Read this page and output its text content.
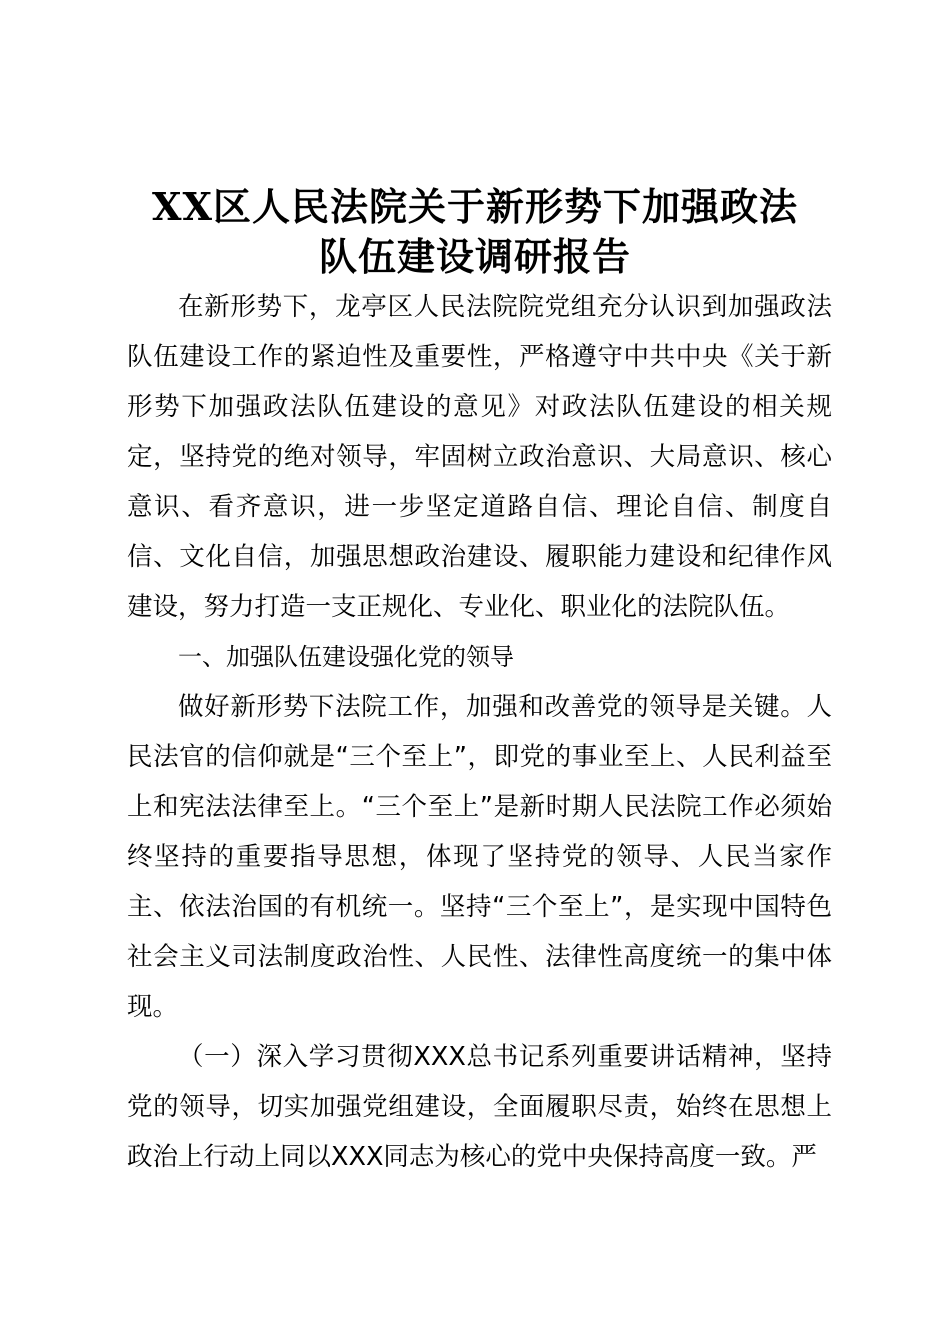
XX区人民法院关于新形势下加强政法
队伍建设调研报告

在新形势下，龙亭区人民法院院党组充分认识到加强政法队伍建设工作的紧迫性及重要性，严格遵守中共中央《关于新形势下加强政法队伍建设的意见》对政法队伍建设的相关规定，坚持党的绝对领导，牢固树立政治意识、大局意识、核心意识、看齐意识，进一步坚定道路自信、理论自信、制度自信、文化自信，加强思想政治建设、履职能力建设和纪律作风建设，努力打造一支正规化、专业化、职业化的法院队伍。

一、加强队伍建设强化党的领导

做好新形势下法院工作，加强和改善党的领导是关键。人民法官的信仰就是“三个至上”，即党的事业至上、人民利益至上和宪法法律至上。“三个至上”是新时期人民法院工作必须始终坚持的重要指导思想，体现了坚持党的领导、人民当家作主、依法治国的有机统一。坚持“三个至上”，是实现中国特色社会主义司法制度政治性、人民性、法律性高度统一的集中体现。

（一）深入学习贯彻XXX总书记系列重要讲话精神，坚持党的领导，切实加强党组建设，全面履职尽责，始终在思想上政治上行动上同以XXX同志为核心的党中央保持高度一致。严
